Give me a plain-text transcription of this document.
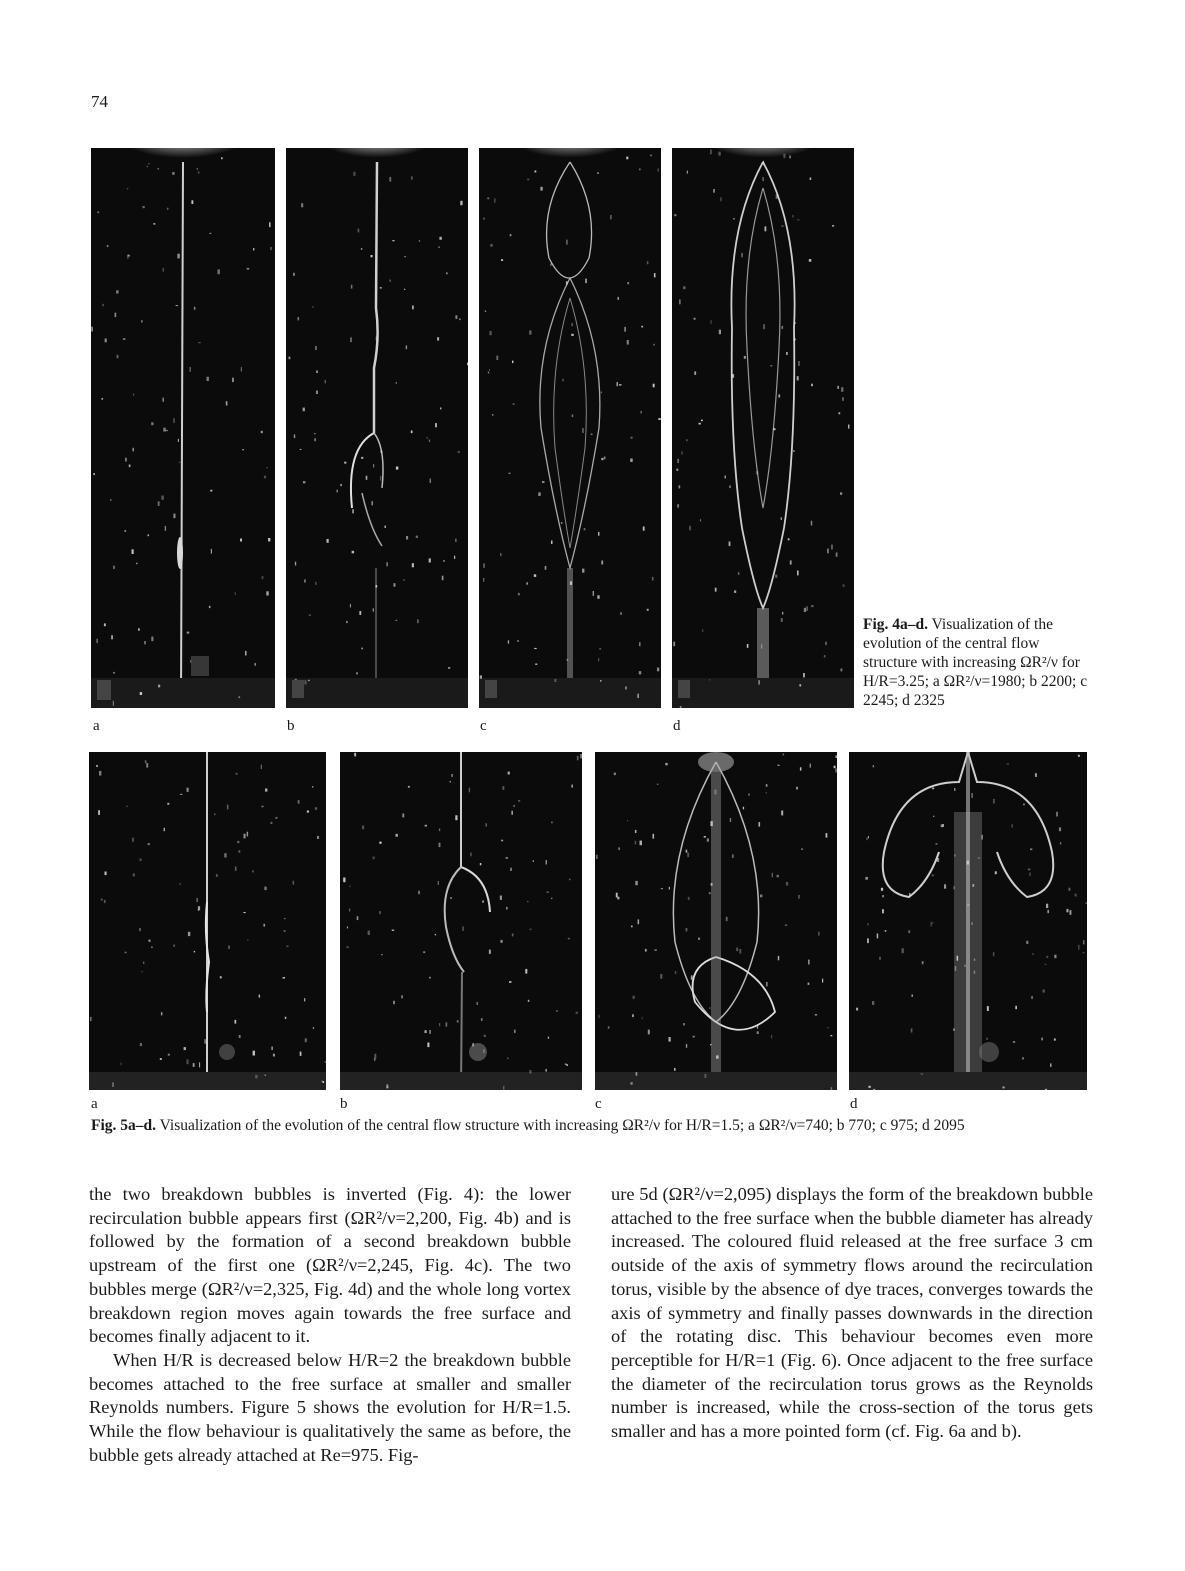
74
a	b	c	d
Fig. 4a–d. Visualization of the evolution of the central flow structure with increasing ΩR²/ν for H/R=3.25; a ΩR²/ν=1980; b 2200; c 2245; d 2325
a	b	c	d
Fig. 5a–d. Visualization of the evolution of the central flow structure with increasing ΩR²/ν for H/R=1.5; a ΩR²/ν=740; b 770; c 975; d 2095

the two breakdown bubbles is inverted (Fig. 4): the lower recirculation bubble appears first (ΩR²/ν=2,200, Fig. 4b) and is followed by the formation of a second breakdown bubble upstream of the first one (ΩR²/ν=2,245, Fig. 4c). The two bubbles merge (ΩR²/ν=2,325, Fig. 4d) and the whole long vortex breakdown region moves again towards the free surface and becomes finally adjacent to it.

When H/R is decreased below H/R=2 the breakdown bubble becomes attached to the free surface at smaller and smaller Reynolds numbers. Figure 5 shows the evolution for H/R=1.5. While the flow behaviour is qualitatively the same as before, the bubble gets already attached at Re=975. Fig-

ure 5d (ΩR²/ν=2,095) displays the form of the breakdown bubble attached to the free surface when the bubble diameter has already increased. The coloured fluid released at the free surface 3 cm outside of the axis of symmetry flows around the recirculation torus, visible by the absence of dye traces, converges towards the axis of symmetry and finally passes downwards in the direction of the rotating disc. This behaviour becomes even more perceptible for H/R=1 (Fig. 6). Once adjacent to the free surface the diameter of the recirculation torus grows as the Reynolds number is increased, while the cross-section of the torus gets smaller and has a more pointed form (cf. Fig. 6a and b).
